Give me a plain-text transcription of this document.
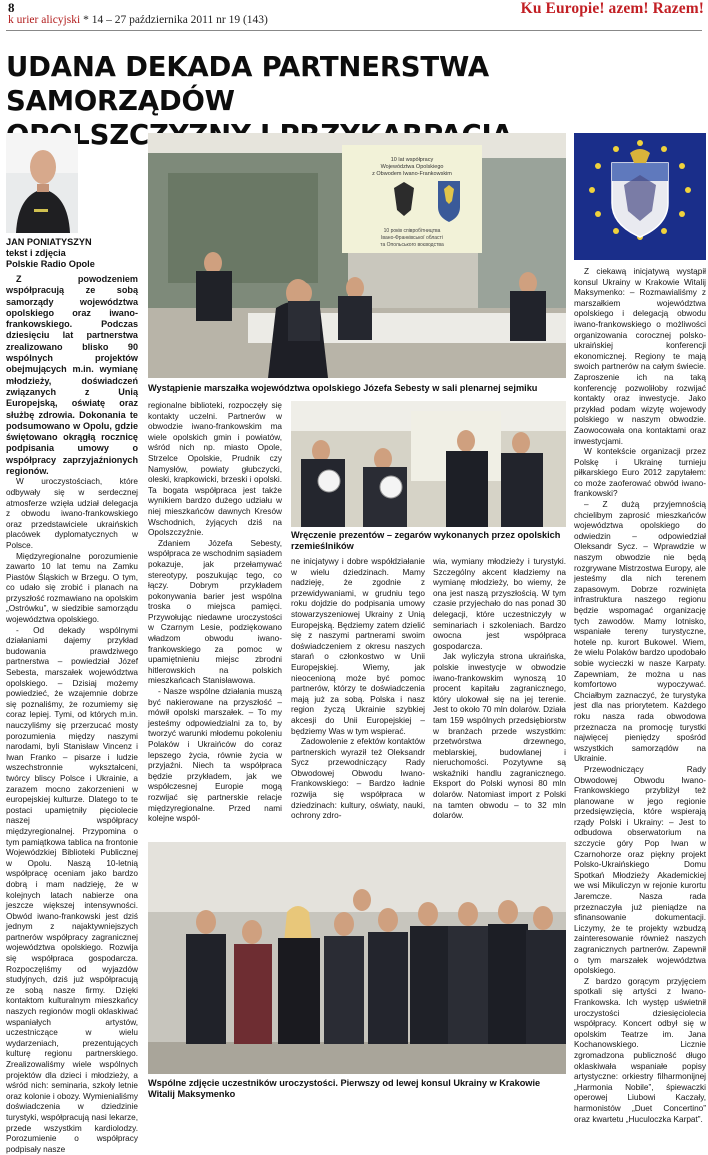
8
k urier alicyjski * 14 – 27 października 2011 nr 19 (143)
Ku Europie! azem! Razem!
UDANA DEKADA PARTNERSTWA SAMORZĄDÓW
OPOLSZCZYZNY
JAN PONIATYSZYN
tekst i zdjęcia
Polskie Radio Opole

Z powodzeniem współpracują ze sobą samorządy województwa opolskiego oraz iwano-frankowskiego. Podczas dziesięciu lat partnerstwa zrealizowano blisko 90 wspólnych projektów obejmujących m.in. wymianę młodzieży, doświadczeń związanych z Unią Europejską, oświatę oraz służbę zdrowia. Dokonania te podsumowano w Opolu, gdzie świętowano okrągłą rocznicę podpisania umowy o współpracy zaprzyjaźnionych regionów.

W uroczystościach, które odbywały się w serdecznej atmosferze wzięła udział delegacja z obwodu iwano-frankowskiego oraz przedstawiciele ukraińskich placówek dyplomatycznych w Polsce.

Międzyregionalne porozumienie zawarto 10 lat temu na Zamku Piastów Śląskich w Brzegu. O tym, co udało się zrobić i planach na przyszłość rozmawiano na opolskim „Ostrówku”, w siedzibie samorządu województwa opolskiego.

- Od dekady wspólnymi działaniami dajemy przykład budowania prawdziwego partnerstwa – powiedział Józef Sebesta, marszałek województwa opolskiego. – Dzisiaj możemy powiedzieć, że wzajemnie dobrze się poznaliśmy, że rozumiemy się coraz lepiej. Tymi, od których m.in. nauczyliśmy się przerzucać mosty porozumienia między naszymi narodami, byli Stanisław Vincenz i Iwan Franko – pisarze i ludzie wszechstronnie wykształceni, twórcy bliscy Polsce i Ukrainie, a zarazem mocno zakorzenieni w europejskiej kulturze. Dlatego to te postaci upamiętniły pięciolecie naszej współpracy międzyregionalnej. Przypomina o tym pamiątkowa tablica na frontonie Wojewódzkiej Biblioteki Publicznej w Opolu. Naszą 10-letnią współpracę oceniam jako bardzo dobrą i mam nadzieję, że w kolejnych latach nabierze ona jeszcze większej intensywności. Obwód iwano-frankowski jest dziś jednym z najaktywniejszych partnerów współpracy zagranicznej województwa opolskiego. Rozwija się współpraca gospodarcza. Rozpoczęliśmy od wyjazdów studyjnych, dziś już współpracują ze sobą nasze firmy. Dzięki kontaktom kulturalnym mieszkańcy naszych regionów mogli oklaskiwać wspaniałych artystów, uczestniczące w wielu wydarzeniach, prezentujących kulturę regionu partnerskiego. Zrealizowaliśmy wiele wspólnych projektów dla dzieci i młodzieży, a wśród nich: seminaria, szkoły letnie oraz kolonie i obozy. Wymienialiśmy doświadczenia w dziedzinie turystyki, współpracują nasi lekarze, przede wszystkim kardiolodzy. Porozumienie o współpracy podpisały nasze

10 lat współpracy
Województwa Opolskiego
z Obwodem Iwano-Frankowskim
10 років співробітництва
Івано-Франківської області
та Опольського воєводства
Wystąpienie marszałka województwa opolskiego Józefa Sebesty w sali plenarnej sejmiku

regionalne biblioteki, rozpoczęły się kontakty uczelni. Partnerów w obwodzie iwano-frankowskim ma wiele opolskich gmin i powiatów, wśród nich np. miasto Opole, Strzelce Opolskie, Prudnik czy Namysłów, powiaty głubczycki, oleski, krapkowicki, brzeski i opolski. Ta bogata współpraca jest także wynikiem bardzo dużego udziału w niej mieszkańców dawnych Kresów Wschodnich, żyjących dziś na Opolszczyźnie.

Zdaniem Józefa Sebesty, współpraca ze wschodnim sąsiadem pokazuje, jak przełamywać stereotypy, poszukując tego, co łączy. Dobrym przykładem pokonywania barier jest wspólna troska o miejsca pamięci. Przywołując niedawne uroczystości w Czarnym Lesie, podziękowano władzom obwodu iwano-frankowskiego za pomoc w upamiętnieniu miejsc zbrodni hitlerowskich na polskich mieszkańcach Stanisławowa.

- Nasze wspólne działania muszą być nakierowane na przyszłość – mówił opolski marszałek. – To my jesteśmy odpowiedzialni za to, by tworzyć warunki młodemu pokoleniu Polaków i Ukraińców do coraz lepszego życia, równie życia w przyjaźni. Niech ta współpraca będzie przykładem, jak we współczesnej Europie mogą rozwijać się partnerskie relacje międzyregionalne. Przed nami kolejne wspól-

Wręczenie prezentów – zegarów wykonanych przez opolskich rzemieślników

ne inicjatywy i dobre współdziałanie w wielu dziedzinach. Mamy nadzieję, że zgodnie z przewidywaniami, w grudniu tego roku dojdzie do podpisania umowy stowarzyszeniowej Ukrainy z Unią Europejską. Będziemy zatem dzielić się z naszymi partnerami swoim doświadczeniem z okresu naszych starań o członkostwo w Unii Europejskiej. Wiemy, jak nieocenioną może być pomoc partnerów, którzy te doświadczenia mają już za sobą. Polska i nasz region życzą Ukrainie szybkiej akcesji do Unii Europejskiej – będziemy Was w tym wspierać.

Zadowolenie z efektów kontaktów partnerskich wyraził też Oleksandr Sycz przewodniczący Rady Obwodowej Obwodu Iwano-Frankowskiego: – Bardzo ładnie rozwija się współpraca w dziedzinach: kultury, oświaty, nauki, ochrony zdro-

wia, wymiany młodzieży i turystyki. Szczególny akcent kładziemy na wymianę młodzieży, bo wiemy, że ona jest naszą przyszłością. W tym czasie przyjechało do nas ponad 30 delegacji, które uczestniczyły w seminariach i szkoleniach. Bardzo owocna jest współpraca gospodarcza.

Jak wyliczyła strona ukraińska, polskie inwestycje w obwodzie iwano-frankowskim wynoszą 10 procent kapitału zagranicznego, który ulokował się na jej terenie. Jest to około 70 mln dolarów. Działa tam 159 wspólnych przedsiębiorstw w branżach przede wszystkim: przetwórstwa drzewnego, meblarskiej, budowlanej i nieruchomości. Pozytywne są wskaźniki handlu zagranicznego. Eksport do Polski wynosi 80 mln dolarów. Natomiast import z Polski na tamten obwodu – to 32 mln dolarów.

Wspólne zdjęcie uczestników uroczystości. Pierwszy od lewej konsul Ukrainy w Krakowie Witalij Maksymenko

Z ciekawą inicjatywą wystąpił konsul Ukrainy w Krakowie Witalij Maksymenko: – Rozmawialiśmy z marszałkiem województwa opolskiego i delegacją obwodu iwano-frankowskiego o możliwości organizowania corocznej polsko-ukraińskiej konferencji ekonomicznej. Regiony te mają swoich partnerów na całym świecie. Zaproszenie ich na taką konferencję pozwoliłoby rozwijać kontakty oraz inwestycje. Jako przykład podam wizytę wojewody polskiego w naszym obwodzie. Zaowocowała ona kontaktami oraz inwestycjami.

W kontekście organizacji przez Polskę i Ukrainę turnieju piłkarskiego Euro 2012 zapytałem: co może zaoferować obwód iwano-frankowski?

– Z dużą przyjemnością chcielibym zaprosić mieszkańców województwa opolskiego do odwiedzin – odpowiedział Oleksandr Sycz. – Wprawdzie w naszym obwodzie nie będą rozgrywane Mistrzostwa Europy, ale jesteśmy dla nich terenem zapasowym. Dobrze rozwinięta infrastruktura naszego regionu będzie wspomagać organizację tych zawodów. Mamy lotnisko, wspaniałe tereny turystyczne, hotele np. kurort Bukowel. Wiem, że wielu Polaków bardzo upodobało sobie wycieczki w nasze Karpaty. Zapewniam, że można u nas komfortowo wypoczywać. Chciałbym zaznaczyć, że turystyka jest dla nas priorytetem. Każdego roku nasza rada obwodowa przeznacza na promocję turystki najwięcej pieniędzy spośród wszystkich samorządów na Ukrainie.

Przewodniczący Rady Obwodowej Obwodu Iwano-Frankowskiego przybliżył też planowane w jego regionie przedsięwzięcia, które wspierają rządy Polski i Ukrainy: – Jest to odbudowa obserwatorium na szczycie góry Pop Iwan w Czarnohorze oraz piękny projekt Polsko-Ukraińskiego Domu Spotkań Młodzieży Akademickiej we wsi Mikuliczyn w rejonie kurortu Jaremcze. Nasza rada przeznaczyła już pieniądze na sfinansowanie dokumentacji. Liczymy, że te projekty wzbudzą zainteresowanie również naszych zagranicznych partnerów. Zapewnił o tym marszałek województwa opolskiego.

Z bardzo gorącym przyjęciem spotkali się artyści z Iwano-Frankowska. Ich występ uświetnił uroczystości dziesięciolecia współpracy. Koncert odbył się w opolskim Teatrze im. Jana Kochanowskiego. Licznie zgromadzona publiczność długo oklaskiwała wspaniałe popisy artystyczne: orkiestry filharmonijnej „Harmonia Nobile”, śpiewaczki operowej Liubowi Kaczały, harmonistów „Duet Concertino” oraz kwartetu „Huculoczka Karpat”.
